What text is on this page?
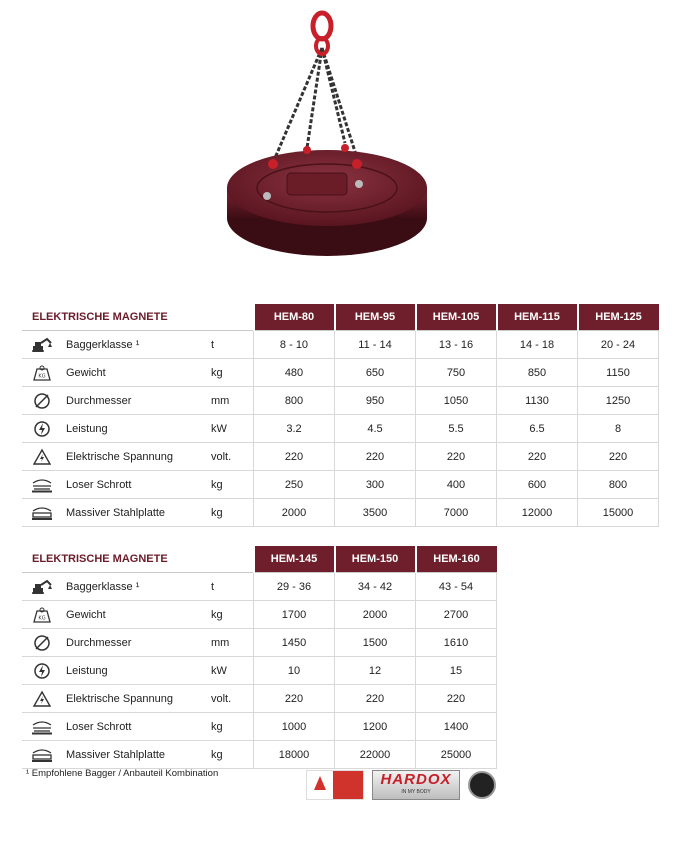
ELEKTRISCHE MAGNETE			HEM-80	HEM-95	HEM-105	HEM-115	HEM-125

	Baggerklasse ¹	t	8 - 10	11 - 14	13 - 16	14 - 18	20 - 24

KG	Gewicht	kg	480	650	750	850	1150

	Durchmesser	mm	800	950	1050	1130	1250

	Leistung	kW	3.2	4.5	5.5	6.5	8

	Elektrische Spannung	volt.	220	220	220	220	220

	Loser Schrott	kg	250	300	400	600	800

	Massiver Stahlplatte	kg	2000	3500	7000	12000	15000
ELEKTRISCHE MAGNETE			HEM-145	HEM-150	HEM-160

	Baggerklasse ¹	t	29 - 36	34 - 42	43 - 54

KG	Gewicht	kg	1700	2000	2700

	Durchmesser	mm	1450	1500	1610

	Leistung	kW	10	12	15

	Elektrische Spannung	volt.	220	220	220

	Loser Schrott	kg	1000	1200	1400

	Massiver Stahlplatte	kg	18000	22000	25000
¹ Empfohlene Bagger / Anbauteil Kombination	HARDOX
IN MY BODY
